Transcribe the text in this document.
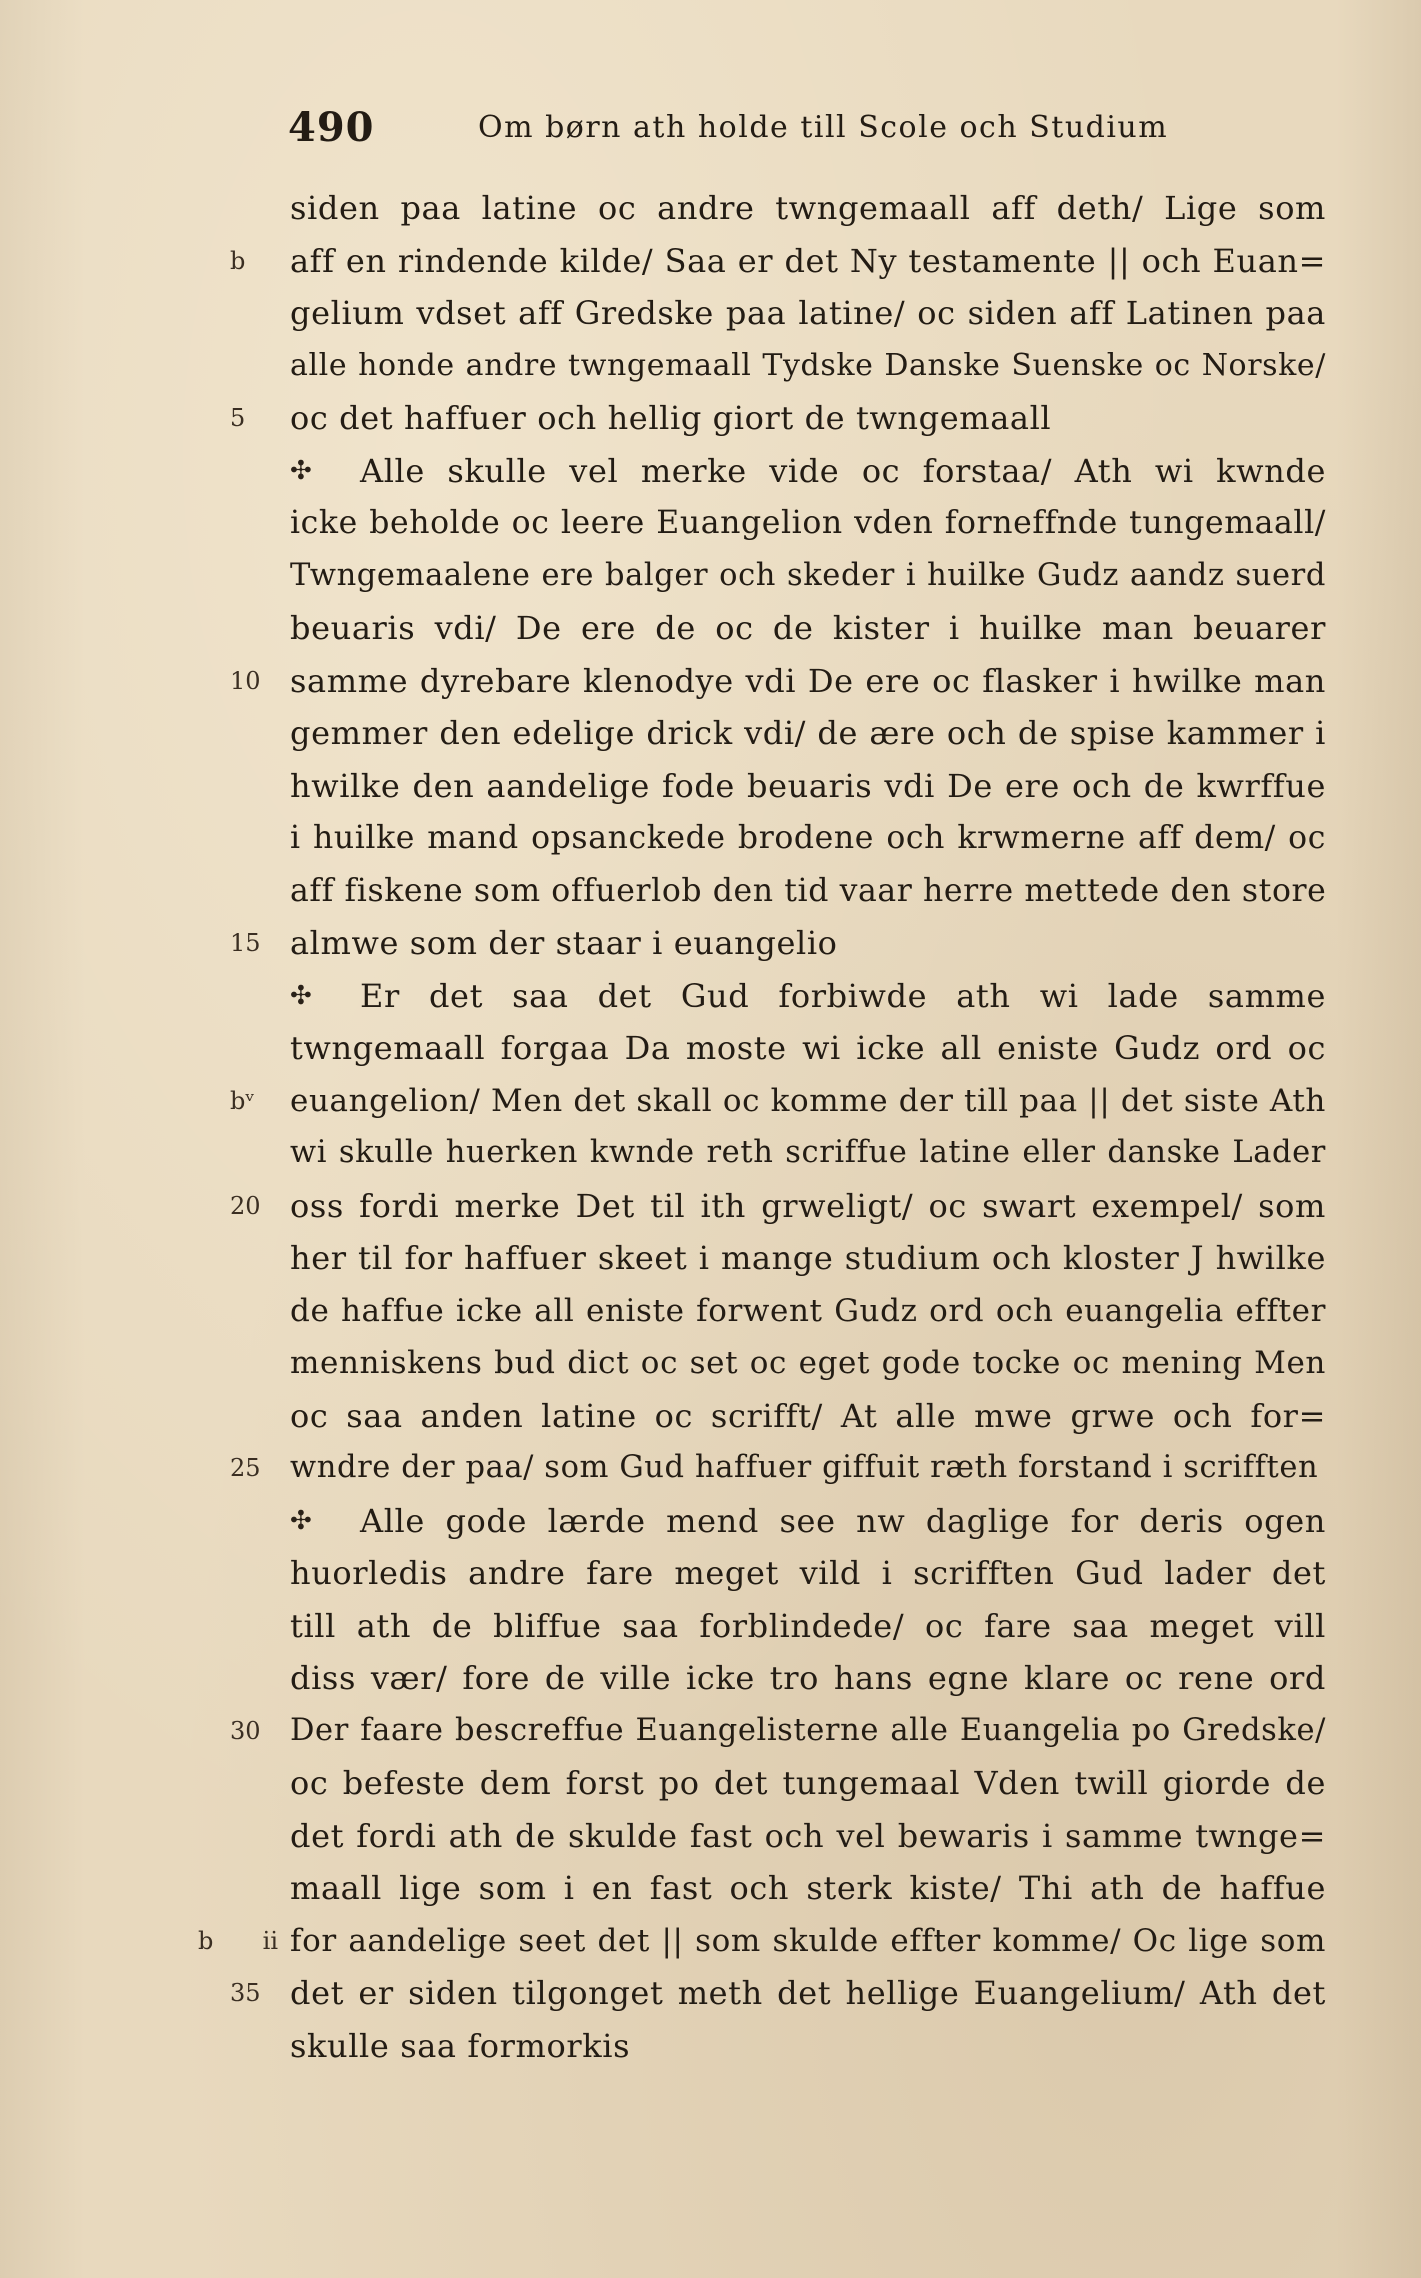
490	Om børn ath holde till Scole och Studium
siden paa latine oc andre twngemaall aff deth/ Lige som
b	aff en rindende kilde/ Saa er det Ny testamente || och Euan=
gelium vdset aff Gredske paa latine/ oc siden aff Latinen paa
alle honde andre twngemaall Tydske Danske Suenske oc Norske/
5	oc det haffuer och hellig giort de twngemaall
✣ Alle skulle vel merke vide oc forstaa/ Ath wi kwnde
icke beholde oc leere Euangelion vden forneffnde tungemaall/
Twngemaalene ere balger och skeder i huilke Gudz aandz suerd
beuaris vdi/ De ere de oc de kister i huilke man beuarer
10 samme dyrebare klenodye vdi De ere oc flasker i hwilke man
gemmer den edelige drick vdi/ de ære och de spise kammer i
hwilke den aandelige fode beuaris vdi De ere och de kwrffue
i huilke mand opsanckede brodene och krwmerne aff dem/ oc
aff fiskene som offuerlob den tid vaar herre mettede den store
15 almwe som der staar i euangelio
✣ Er det saa det Gud forbiwde ath wi lade samme
twngemaall forgaa Da moste wi icke all eniste Gudz ord oc
bᵛ	euangelion/ Men det skall oc komme der till paa || det siste Ath
wi skulle huerken kwnde reth scriffue latine eller danske Lader
20 oss fordi merke Det til ith grweligt/ oc swart exempel/ som
her til for haffuer skeet i mange studium och kloster J hwilke
de haffue icke all eniste forwent Gudz ord och euangelia effter
menniskens bud dict oc set oc eget gode tocke oc mening Men
oc saa anden latine oc scrifft/ At alle mwe grwe och for=
25 wndre der paa/ som Gud haffuer giffuit ræth forstand i scrifften
✣ Alle gode lærde mend see nw daglige for deris ogen
huorledis andre fare meget vild i scrifften Gud lader det
till ath de bliffue saa forblindede/ oc fare saa meget vill
diss vær/ fore de ville icke tro hans egne klare oc rene ord
30 Der faare bescreffue Euangelisterne alle Euangelia po Gredske/
oc befeste dem forst po det tungemaal Vden twill giorde de
det fordi ath de skulde fast och vel bewaris i samme twnge=
maall lige som i en fast och sterk kiste/ Thi ath de haffue
b ii for aandelige seet det || som skulde effter komme/ Oc lige som
35 det er siden tilgonget meth det hellige Euangelium/ Ath det
skulle saa formorkis
